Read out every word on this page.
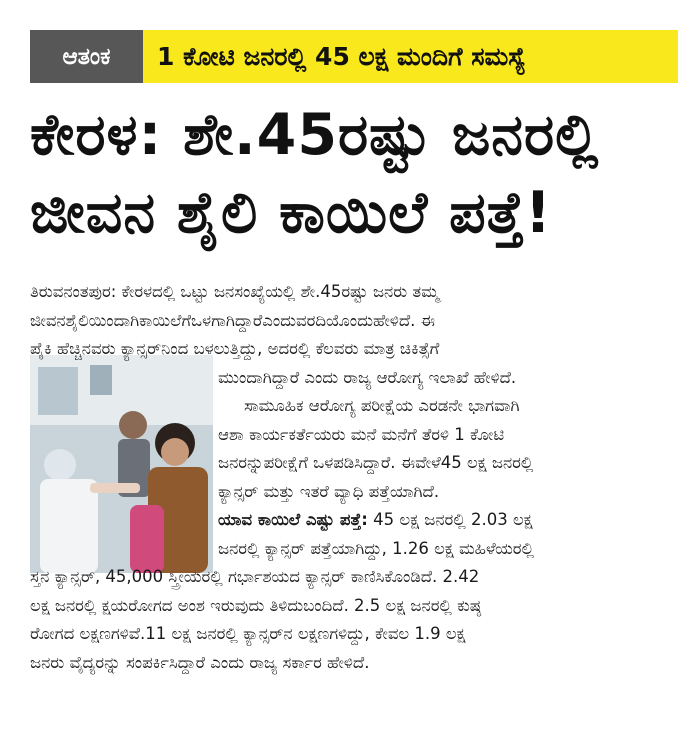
ಆತಂಕ	1 ಕೋಟಿ ಜನರಲ್ಲಿ 45 ಲಕ್ಷ ಮಂದಿಗೆ ಸಮಸ್ಯೆ
ಕೇರಳ: ಶೇ.45ರಷ್ಟು ಜನರಲ್ಲಿ
ಜೀವನ ಶೈಲಿ ಕಾಯಿಲೆ ಪತ್ತೆ!
ತಿರುವನಂತಪುರ: ಕೇರಳದಲ್ಲಿ ಒಟ್ಟು ಜನಸಂಖ್ಯೆಯಲ್ಲಿ ಶೇ.45ರಷ್ಟು ಜನರು ತಮ್ಮ
ಜೀವನಶೈಲಿಯಿಂದಾಗಿಕಾಯಿಲೆಗೆಒಳಗಾಗಿದ್ದಾರೆಎಂದುವರದಿಯೊಂದುಹೇಳಿದೆ. ಈ
ಪೈಕಿ ಹೆಚ್ಚಿನವರು ಕ್ಯಾನ್ಸರ್‌ನಿಂದ ಬಳಲುತ್ತಿದ್ದು, ಅದರಲ್ಲಿ ಕೆಲವರು ಮಾತ್ರ ಚಿಕಿತ್ಸೆಗೆ
ಮುಂದಾಗಿದ್ದಾರೆ ಎಂದು ರಾಜ್ಯ ಆರೋಗ್ಯ ಇಲಾಖೆ ಹೇಳಿದೆ.
ಸಾಮೂಹಿಕ ಆರೋಗ್ಯ ಪರೀಕ್ಷೆಯ ಎರಡನೇ ಭಾಗವಾಗಿ
ಆಶಾ ಕಾರ್ಯಕರ್ತೆಯರು ಮನೆ ಮನೆಗೆ ತೆರಳಿ 1 ಕೋಟಿ
ಜನರನ್ನುಪರೀಕ್ಷೆಗೆ ಒಳಪಡಿಸಿದ್ದಾರೆ. ಈವೇಳೆ45 ಲಕ್ಷ ಜನರಲ್ಲಿ
ಕ್ಯಾನ್ಸರ್ ಮತ್ತು ಇತರೆ ವ್ಯಾಧಿ ಪತ್ತೆಯಾಗಿದೆ.
ಯಾವ ಕಾಯಿಲೆ ಎಷ್ಟು ಪತ್ತೆ: 45 ಲಕ್ಷ ಜನರಲ್ಲಿ 2.03 ಲಕ್ಷ
ಜನರಲ್ಲಿ ಕ್ಯಾನ್ಸರ್ ಪತ್ತೆಯಾಗಿದ್ದು, 1.26 ಲಕ್ಷ ಮಹಿಳೆಯರಲ್ಲಿ
ಸ್ತನ ಕ್ಯಾನ್ಸರ್, 45,000 ಸ್ತ್ರೀಯರಲ್ಲಿ ಗರ್ಭಾಶಯದ ಕ್ಯಾನ್ಸರ್ ಕಾಣಿಸಿಕೊಂಡಿದೆ. 2.42
ಲಕ್ಷ ಜನರಲ್ಲಿ ಕ್ಷಯರೋಗದ ಅಂಶ ಇರುವುದು ತಿಳಿದುಬಂದಿದೆ. 2.5 ಲಕ್ಷ ಜನರಲ್ಲಿ ಕುಷ್ಠ
ರೋಗದ ಲಕ್ಷಣಗಳಿವೆ.11 ಲಕ್ಷ ಜನರಲ್ಲಿ ಕ್ಯಾನ್ಸರ್‌ನ ಲಕ್ಷಣಗಳಿದ್ದು, ಕೇವಲ 1.9 ಲಕ್ಷ
ಜನರು ವೈದ್ಯರನ್ನು ಸಂಪರ್ಕಿಸಿದ್ದಾರೆ ಎಂದು ರಾಜ್ಯ ಸರ್ಕಾರ ಹೇಳಿದೆ.
